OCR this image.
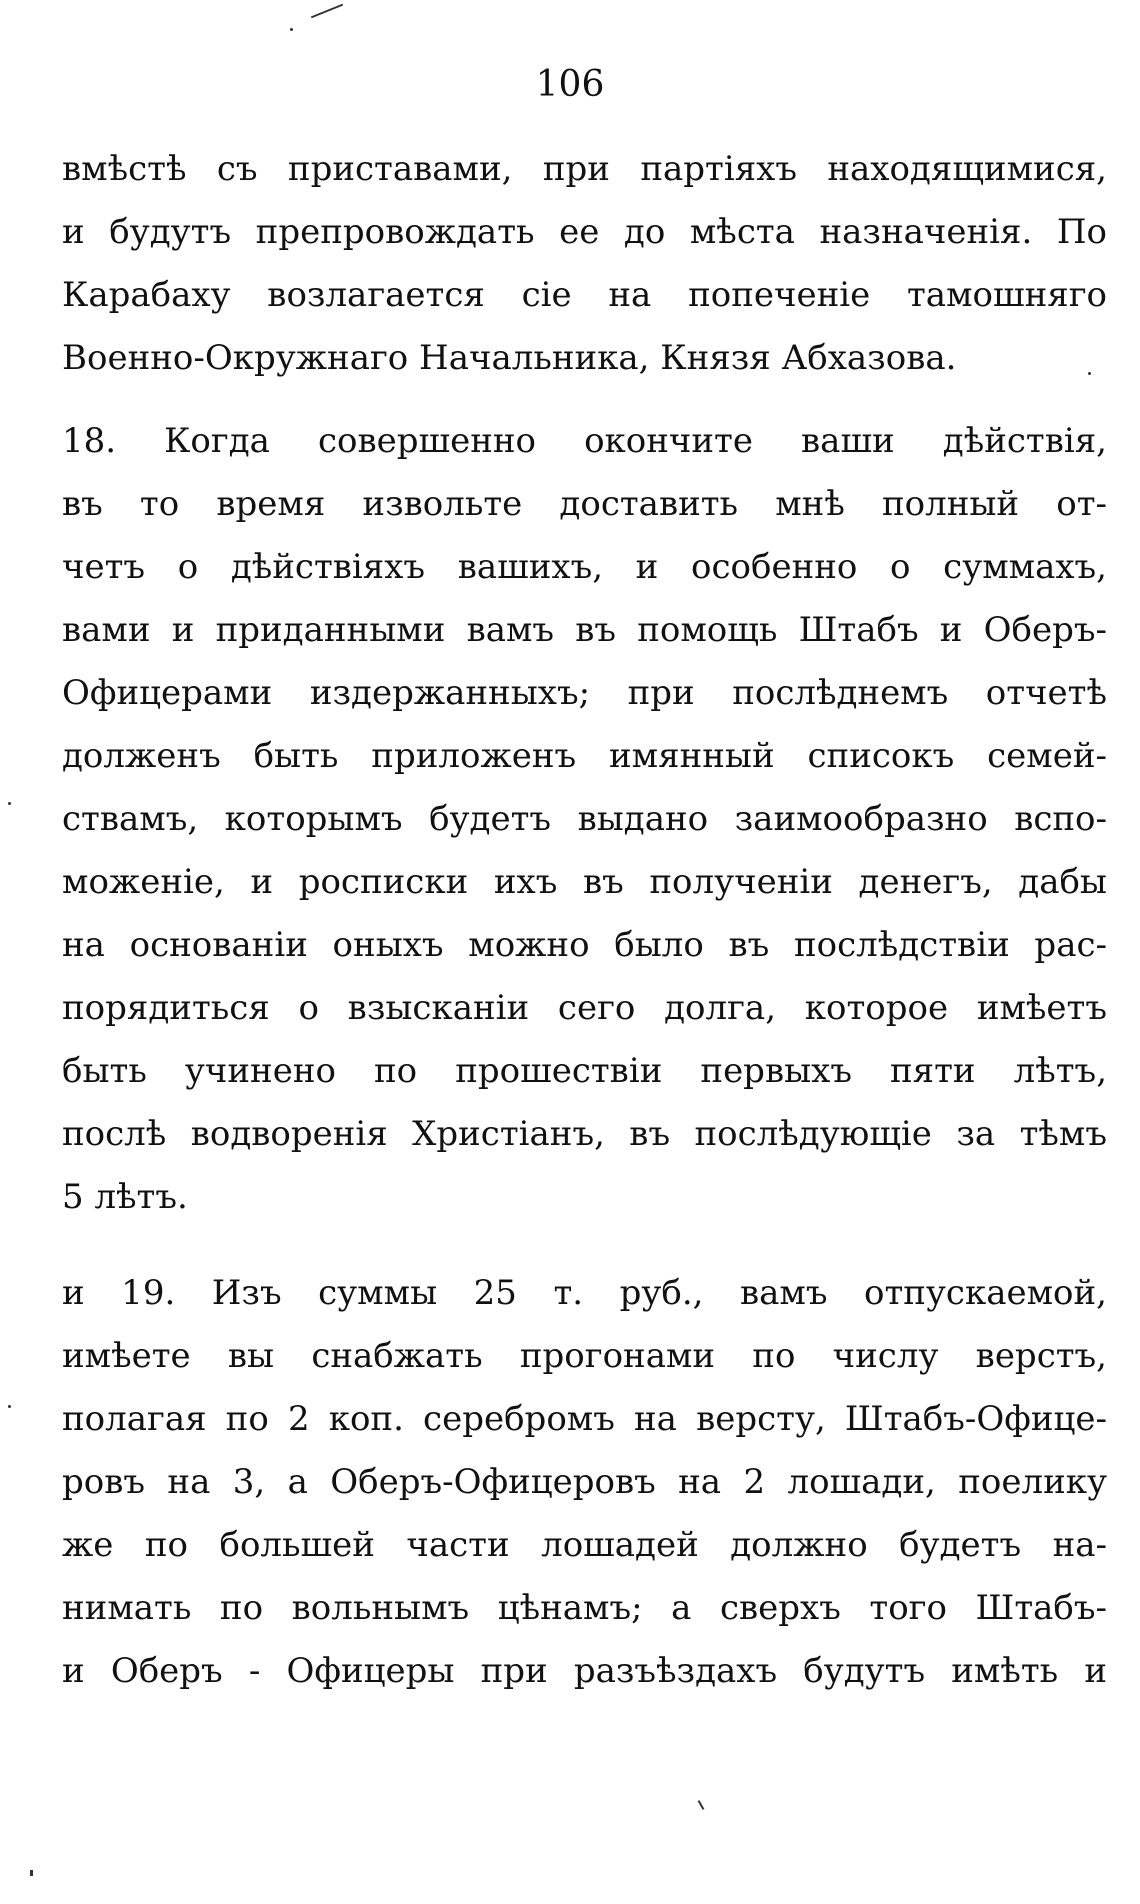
106
вмѣстѣ съ приставами, при партіяхъ находящимися,
и будутъ препровождать ее до мѣста назначенія. По
Карабаху возлагается сіе на попеченіе тамошняго
Военно-Окружнаго Начальника, Князя Абхазова.
18. Когда совершенно окончите ваши дѣйствія,
въ то время извольте доставить мнѣ полный от-
четъ о дѣйствіяхъ вашихъ, и особенно о суммахъ,
вами и приданными вамъ въ помощь Штабъ и Оберъ-
Офицерами издержанныхъ; при послѣднемъ отчетѣ
долженъ быть приложенъ имянный списокъ семей-
ствамъ, которымъ будетъ выдано заимообразно вспо-
моженіе, и росписки ихъ въ полученіи денегъ, дабы
на основаніи оныхъ можно было въ послѣдствіи рас-
порядиться о взысканіи сего долга, которое имѣетъ
быть учинено по прошествіи первыхъ пяти лѣтъ,
послѣ водворенія Христіанъ, въ послѣдующіе за тѣмъ
5 лѣтъ.
и 19. Изъ суммы 25 т. руб., вамъ отпускаемой,
имѣете вы снабжать прогонами по числу верстъ,
полагая по 2 коп. серебромъ на версту, Штабъ-Офице-
ровъ на 3, а Оберъ-Офицеровъ на 2 лошади, поелику
же по большей части лошадей должно будетъ на-
нимать по вольнымъ цѣнамъ; а сверхъ того Штабъ-
и Оберъ - Офицеры при разъѣздахъ будутъ имѣть и
